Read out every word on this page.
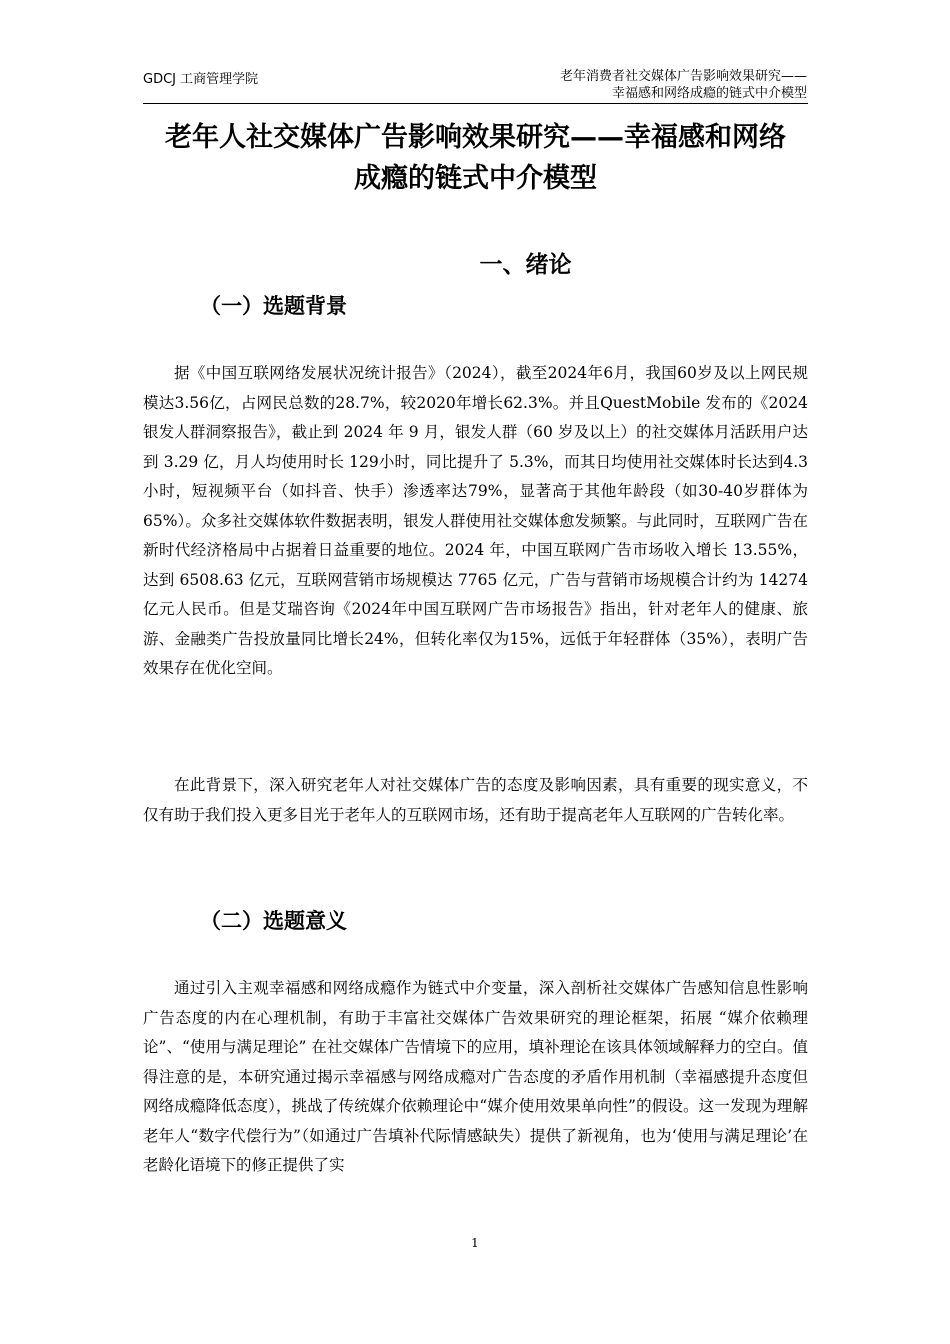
GDCJ 工商管理学院	老年消费者社交媒体广告影响效果研究——
幸福感和网络成瘾的链式中介模型
老年人社交媒体广告影响效果研究——幸福感和网络
成瘾的链式中介模型
一、绪论
（一）选题背景

据《中国互联网络发展状况统计报告》（2024），截至2024年6月，我国60岁及以上网民规模达3.56亿，占网民总数的28.7%，较2020年增长62.3%。并且QuestMobile 发布的《2024 银发人群洞察报告》，截止到 2024 年 9 月，银发人群（60 岁及以上）的社交媒体月活跃用户达到 3.29 亿，月人均使用时长 129小时，同比提升了 5.3%，而其日均使用社交媒体时长达到4.3小时，短视频平台（如抖音、快手）渗透率达79%，显著高于其他年龄段（如30-40岁群体为65%）。众多社交媒体软件数据表明，银发人群使用社交媒体愈发频繁。与此同时，互联网广告在新时代经济格局中占据着日益重要的地位。2024 年，中国互联网广告市场收入增长 13.55%，达到 6508.63 亿元，互联网营销市场规模达 7765 亿元，广告与营销市场规模合计约为 14274 亿元人民币。但是艾瑞咨询《2024年中国互联网广告市场报告》指出，针对老年人的健康、旅游、金融类广告投放量同比增长24%，但转化率仅为15%，远低于年轻群体（35%），表明广告效果存在优化空间。

在此背景下，深入研究老年人对社交媒体广告的态度及影响因素，具有重要的现实意义，不仅有助于我们投入更多目光于老年人的互联网市场，还有助于提高老年人互联网的广告转化率。

（二）选题意义

通过引入主观幸福感和网络成瘾作为链式中介变量，深入剖析社交媒体广告感知信息性影响广告态度的内在心理机制，有助于丰富社交媒体广告效果研究的理论框架，拓展 “媒介依赖理论”、“使用与满足理论” 在社交媒体广告情境下的应用，填补理论在该具体领域解释力的空白。值得注意的是，本研究通过揭示幸福感与网络成瘾对广告态度的矛盾作用机制（幸福感提升态度但网络成瘾降低态度），挑战了传统媒介依赖理论中“媒介使用效果单向性”的假设。这一发现为理解老年人“数字代偿行为”（如通过广告填补代际情感缺失）提供了新视角，也为‘使用与满足理论’在老龄化语境下的修正提供了实

1
